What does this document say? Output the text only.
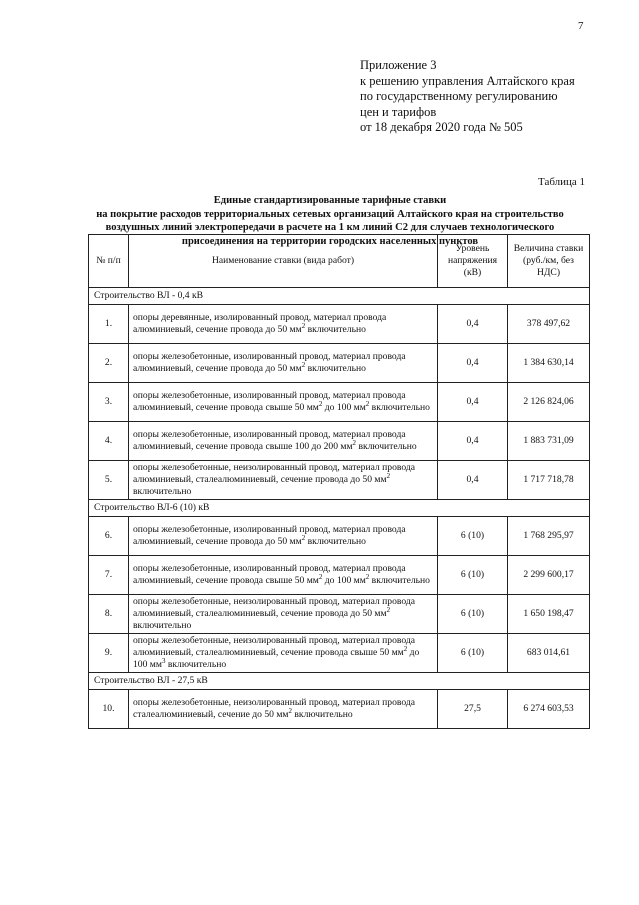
7
Приложение 3
к решению управления Алтайского края
по государственному регулированию
цен и тарифов
от 18 декабря 2020 года № 505
Таблица 1
Единые стандартизированные тарифные ставки
на покрытие расходов территориальных сетевых организаций Алтайского края на строительство
воздушных линий электропередачи в расчете на 1 км линий С2 для случаев технологического
присоединения на территории городских населенных пунктов
№ п/п	Наименование ставки (вида работ)	Уровень напряжения (кВ)	Величина ставки (руб./км, без НДС)
Строительство ВЛ - 0,4 кВ			
1.	опоры деревянные, изолированный провод, материал провода алюминиевый, сечение провода до 50 $мм^2$ включительно	0,4	378 497,62
2.	опоры железобетонные, изолированный провод, материал провода алюминиевый, сечение провода до 50 $мм^2$ включительно	0,4	1 384 630,14
3.	опоры железобетонные, изолированный провод, материал провода алюминиевый, сечение провода свыше 50 $мм^2$ до 100 $мм^2$ включительно	0,4	2 126 824,06
4.	опоры железобетонные, изолированный провод, материал провода алюминиевый, сечение провода свыше 100 до 200 $мм^2$ включительно	0,4	1 883 731,09
5.	опоры железобетонные, неизолированный провод, материал провода алюминиевый, сталеалюминиевый, сечение провода до 50 $мм^2$ включительно	0,4	1 717 718,78
Строительство ВЛ-6 (10) кВ			
6.	опоры железобетонные, изолированный провод, материал провода алюминиевый, сечение провода до 50 $мм^2$ включительно	6 (10)	1 768 295,97
7.	опоры железобетонные, изолированный провод, материал провода алюминиевый, сечение провода свыше 50 $мм^2$ до 100 $мм^2$ включительно	6 (10)	2 299 600,17
8.	опоры железобетонные, неизолированный провод, материал провода алюминиевый, сталеалюминиевый, сечение провода до 50 $мм^2$ включительно	6 (10)	1 650 198,47
9.	опоры железобетонные, неизолированный провод, материал провода алюминиевый, сталеалюминиевый, сечение провода свыше 50 $мм^2$ до 100 $мм^3$ включительно	6 (10)	683 014,61
Строительство ВЛ - 27,5 кВ			
10.	опоры железобетонные, неизолированный провод, материал провода сталеалюминиевый, сечение до 50 $мм^2$ включительно	27,5	6 274 603,53
